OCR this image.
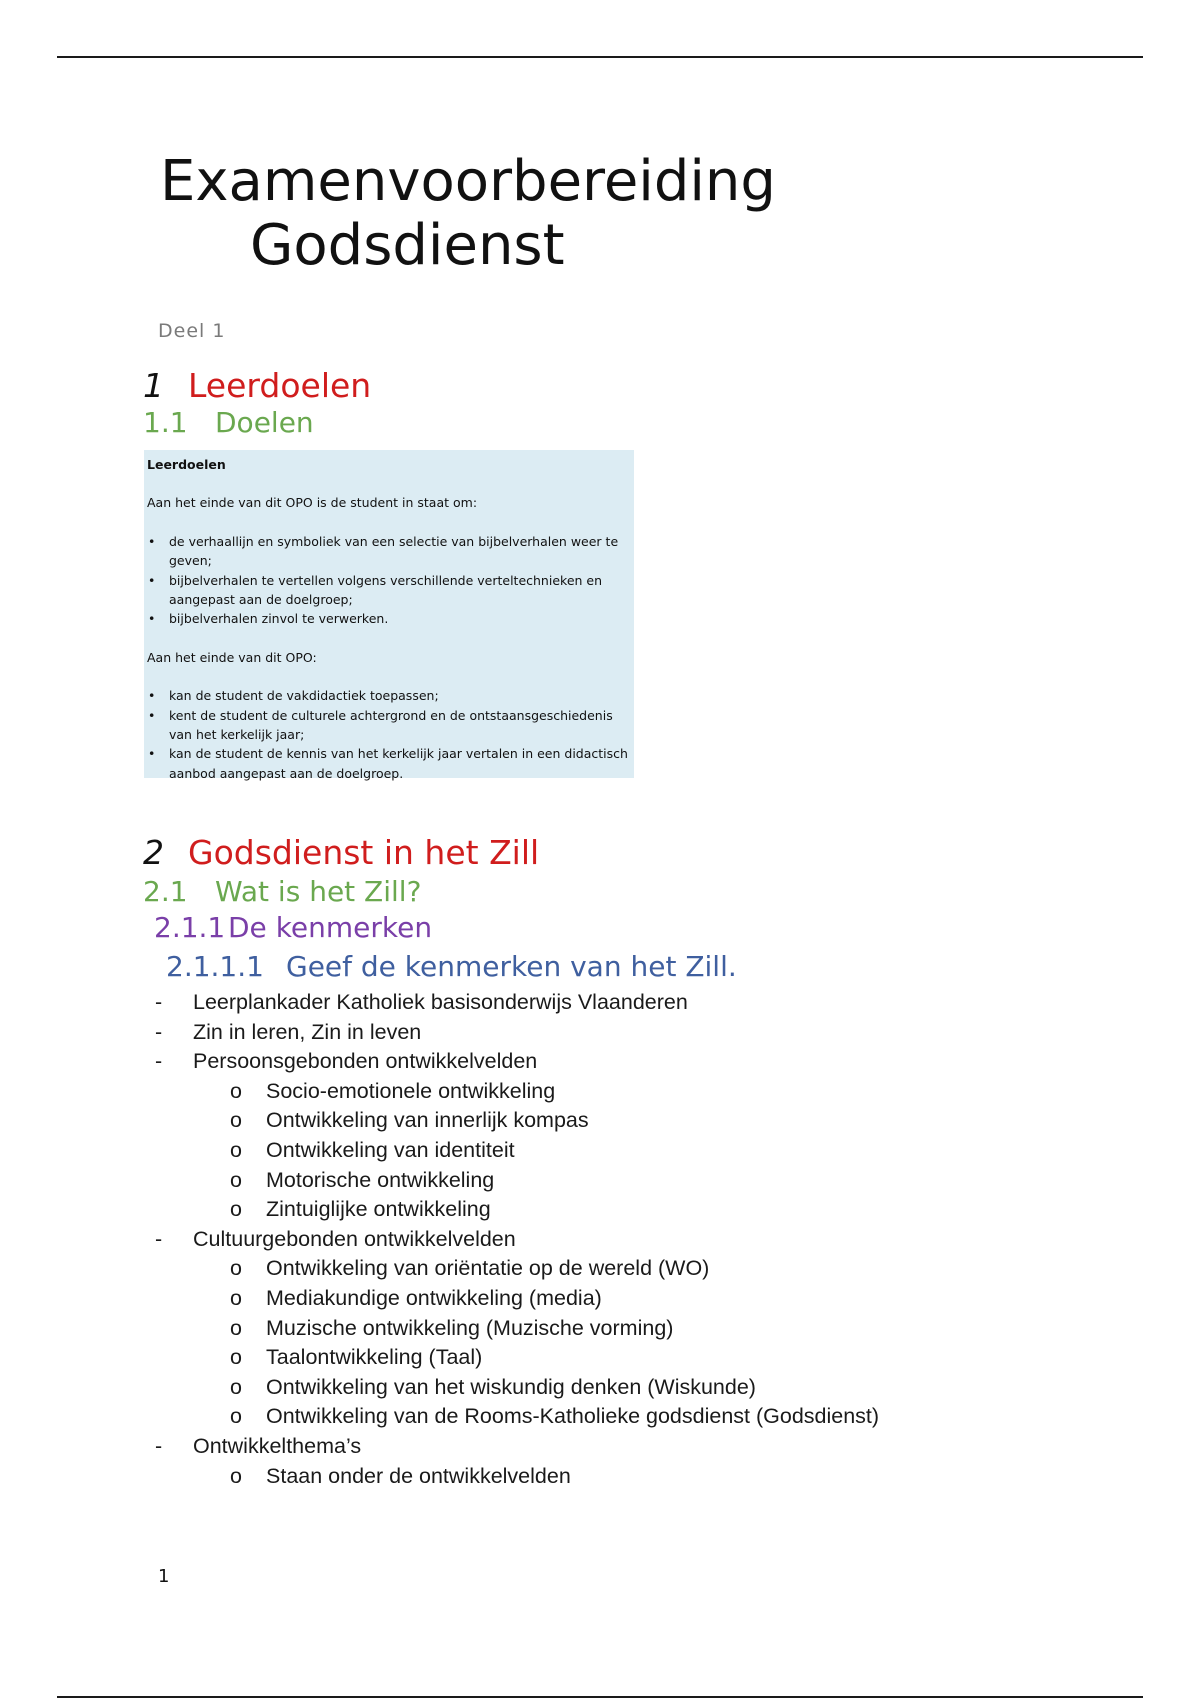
Examenvoorbereiding
Godsdienst
Deel 1
1 Leerdoelen
1.1 Doelen

Leerdoelen

Aan het einde van dit OPO is de student in staat om:

• de verhaallijn en symboliek van een selectie van bijbelverhalen weer te geven;
• bijbelverhalen te vertellen volgens verschillende verteltechnieken en aangepast aan de doelgroep;
• bijbelverhalen zinvol te verwerken.

Aan het einde van dit OPO:

• kan de student de vakdidactiek toepassen;
• kent de student de culturele achtergrond en de ontstaansgeschiedenis van het kerkelijk jaar;
• kan de student de kennis van het kerkelijk jaar vertalen in een didactisch aanbod aangepast aan de doelgroep.
2 Godsdienst in het Zill
2.1 Wat is het Zill?
2.1.1De kenmerken
2.1.1.1 Geef de kenmerken van het Zill.
- Leerplankader Katholiek basisonderwijs Vlaanderen
- Zin in leren, Zin in leven
- Persoonsgebonden ontwikkelvelden
o Socio-emotionele ontwikkeling
o Ontwikkeling van innerlijk kompas
o Ontwikkeling van identiteit
o Motorische ontwikkeling
o Zintuiglijke ontwikkeling
- Cultuurgebonden ontwikkelvelden
o Ontwikkeling van oriëntatie op de wereld (WO)
o Mediakundige ontwikkeling (media)
o Muzische ontwikkeling (Muzische vorming)
o Taalontwikkeling (Taal)
o Ontwikkeling van het wiskundig denken (Wiskunde)
o Ontwikkeling van de Rooms-Katholieke godsdienst (Godsdienst)
- Ontwikkelthema’s
o Staan onder de ontwikkelvelden
1
